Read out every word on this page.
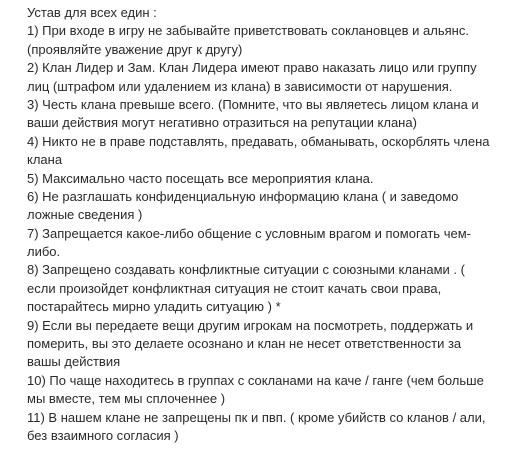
Устав для всех един :
1) При входе в игру не забывайте приветствовать сокланoвцев и альянс.
(проявляйте уважение друг к другу)
2) Клан Лидер и Зам. Клан Лидера имеют право наказать лицо или группу
лиц (штрафом или удалением из клана) в зависимости от нарушения.
3) Честь клана превыше всего. (Помните, что вы являетесь лицом клана и
ваши действия могут негативно отразиться на репутации клана)
4) Никто не в праве подставлять, предавать, обманывать, оскорблять члена
клана
5) Максимально часто посещать все мероприятия клана.
6) Не разглашать конфиденциальную информацию клана ( и заведомо
ложные сведения )
7) Запрещается какое-либо общение с условным врагом и помогать чем-
либо.
8) Запрещено создавать конфликтные ситуации с союзными кланами . (
если произойдет конфликтная ситуация не стоит качать свои права,
постарайтесь мирно уладить ситуацию ) *
9) Если вы передаете вещи другим игрокам на посмотреть, поддержать и
померить, вы это делаете осознано и клан не несет ответственности за
вашы действия
10) По чаще находитесь в группах с сокланами на каче / ганге (чем больше
мы вместе, тем мы сплоченнее )
11) В нашем клане не запрещены пк и пвп. ( кроме убийств со кланов / али,
без взаимного согласия )
